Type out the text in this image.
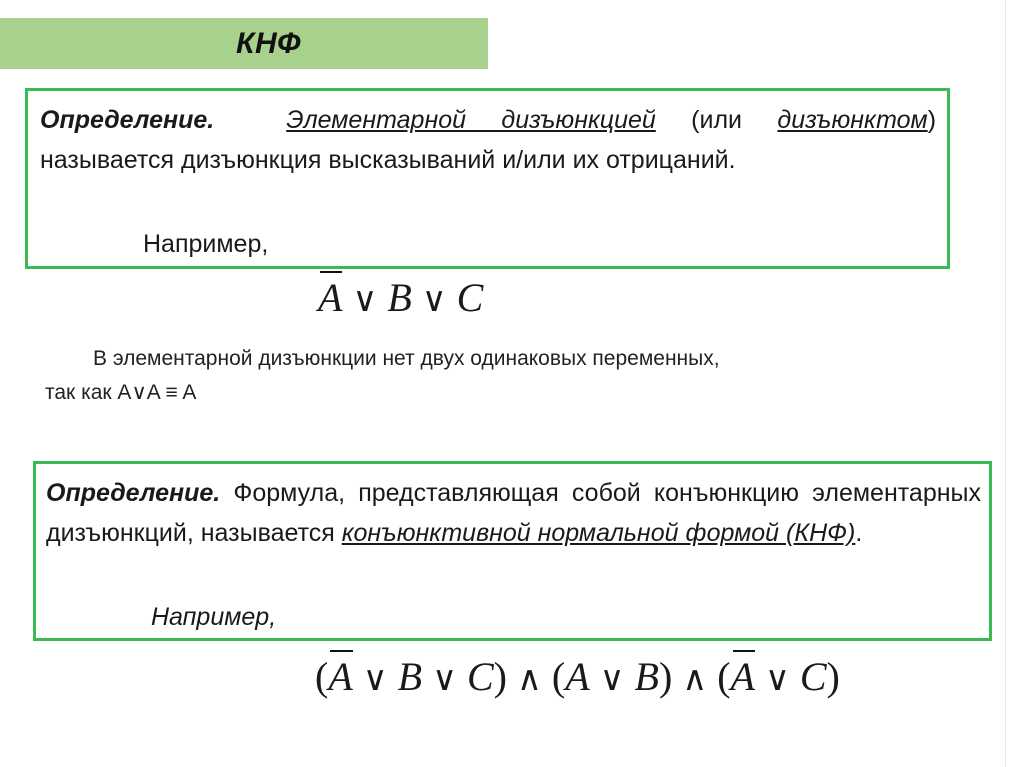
КНФ

Определение.	Элементарной дизъюнкцией (или дизъюнктом) называется дизъюнкция высказываний и/или их отрицаний.

Например,
A ∨ B ∨ C

В элементарной дизъюнкции нет двух одинаковых переменных,
так как A∨A ≡ A

Определение. Формула, представляющая собой конъюнкцию элементарных дизъюнкций, называется конъюнктивной нормальной формой (КНФ).

Например,
(A ∨ B ∨ C) ∧ (A ∨ B) ∧ (A ∨ C)
